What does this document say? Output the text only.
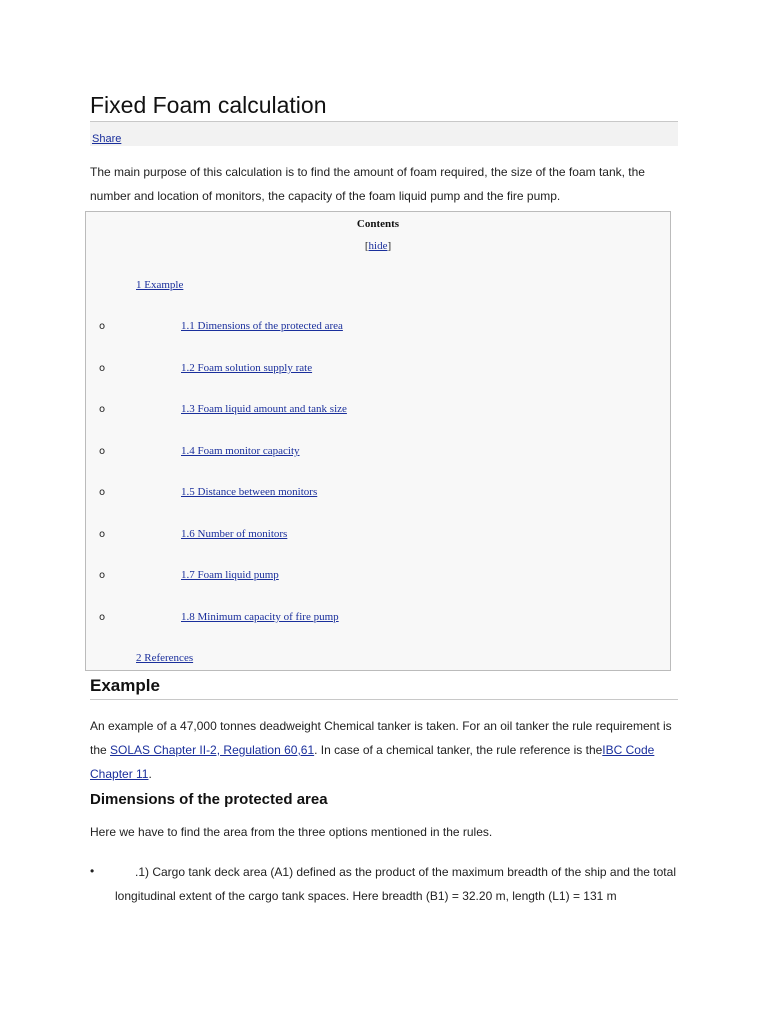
Fixed Foam calculation
Share
The main purpose of this calculation is to find the amount of foam required, the size of the foam tank, the number and location of monitors, the capacity of the foam liquid pump and the fire pump.
Contents
[hide]
1 Example
o	1.1 Dimensions of the protected area
o	1.2 Foam solution supply rate
o	1.3 Foam liquid amount and tank size
o	1.4 Foam monitor capacity
o	1.5 Distance between monitors
o	1.6 Number of monitors
o	1.7 Foam liquid pump
o	1.8 Minimum capacity of fire pump
2 References
Example
An example of a 47,000 tonnes deadweight Chemical tanker is taken. For an oil tanker the rule requirement is the SOLAS Chapter II-2, Regulation 60,61. In case of a chemical tanker, the rule reference is theIBC Code Chapter 11.
Dimensions of the protected area
Here we have to find the area from the three options mentioned in the rules.
•	.1) Cargo tank deck area (A1) defined as the product of the maximum breadth of the ship and the total longitudinal extent of the cargo tank spaces. Here breadth (B1) = 32.20 m, length (L1) = 131 m
